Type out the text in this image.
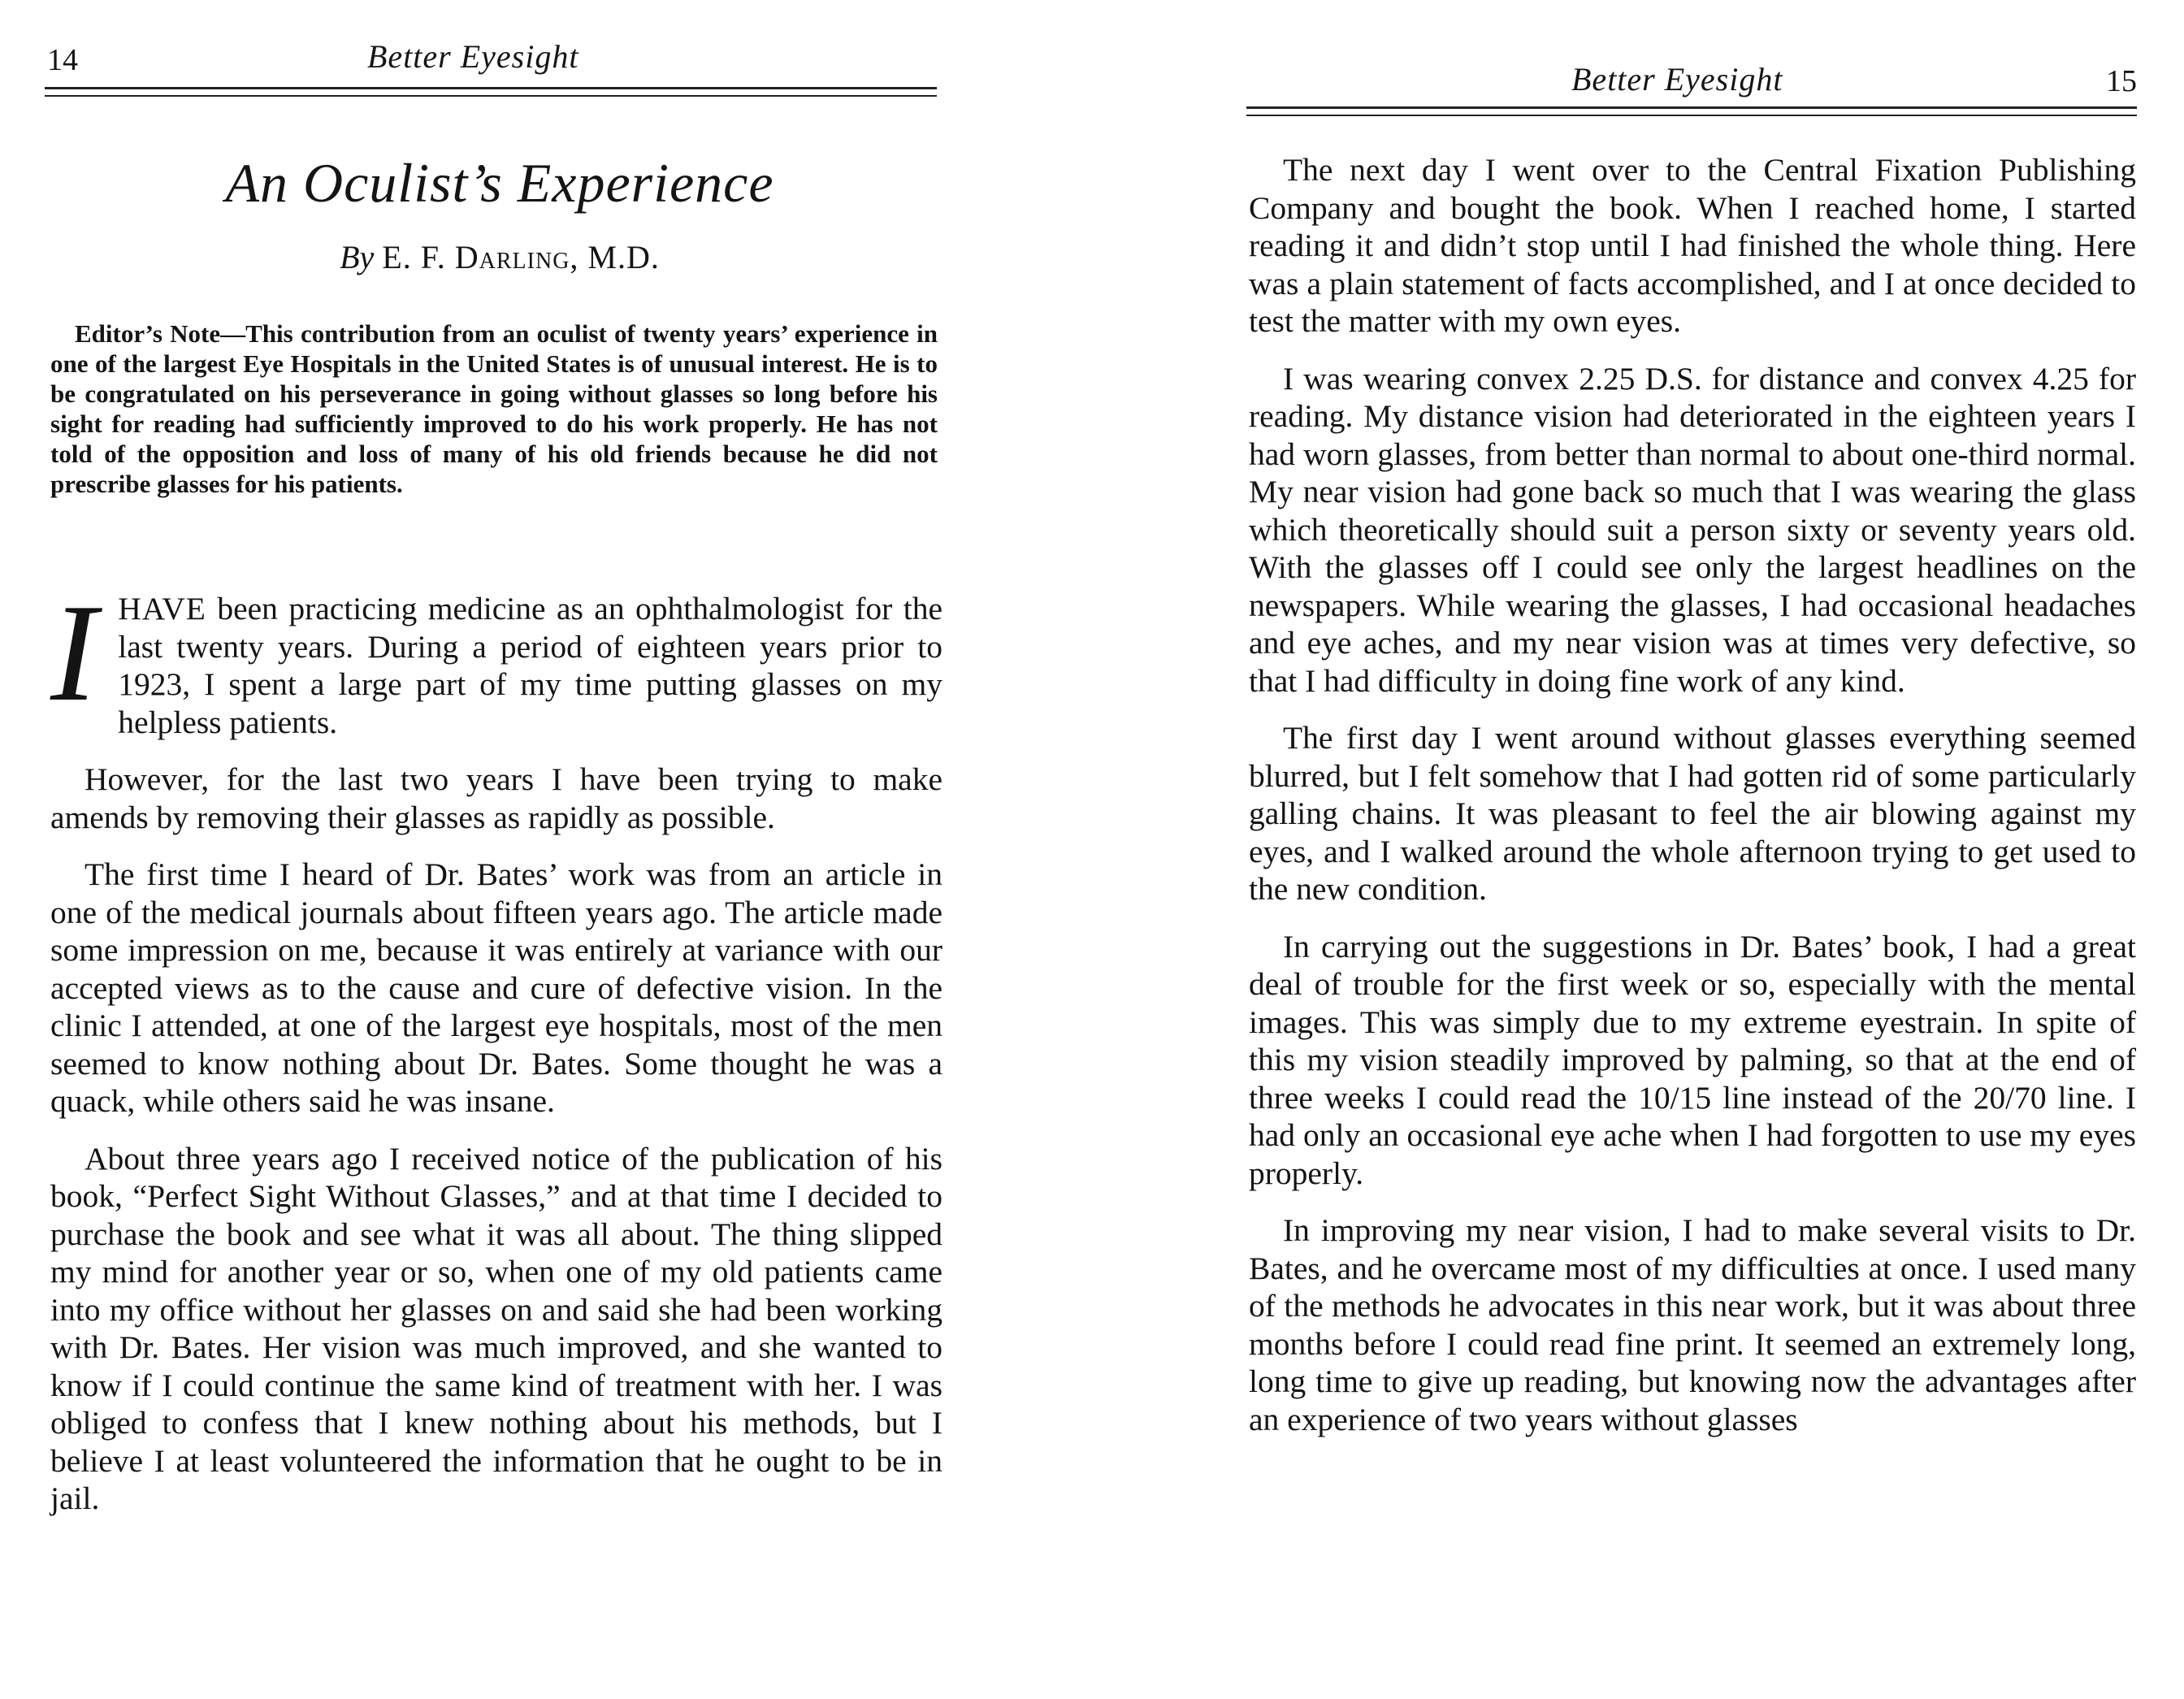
14	Better Eyesight
An Oculist’s Experience
By E. F. Darling, M.D.

Editor’s Note—This contribution from an oculist of twenty years’ experience in one of the largest Eye Hospitals in the United States is of unusual interest. He is to be congratulated on his perseverance in going without glasses so long before his sight for reading had sufficiently improved to do his work properly. He has not told of the opposition and loss of many of his old friends because he did not prescribe glasses for his patients.

IHAVE been practicing medicine as an ophthalmologist for the last twenty years. During a period of eighteen years prior to 1923, I spent a large part of my time putting glasses on my helpless patients.

However, for the last two years I have been trying to make amends by removing their glasses as rapidly as possible.

The first time I heard of Dr. Bates’ work was from an article in one of the medical journals about fifteen years ago. The article made some impression on me, because it was entirely at variance with our accepted views as to the cause and cure of defective vision. In the clinic I attended, at one of the largest eye hospitals, most of the men seemed to know nothing about Dr. Bates. Some thought he was a quack, while others said he was insane.

About three years ago I received notice of the publication of his book, “Perfect Sight Without Glasses,” and at that time I decided to purchase the book and see what it was all about. The thing slipped my mind for another year or so, when one of my old patients came into my office without her glasses on and said she had been working with Dr. Bates. Her vision was much improved, and she wanted to know if I could continue the same kind of treatment with her. I was obliged to confess that I knew nothing about his methods, but I believe I at least volunteered the information that he ought to be in jail.

Better Eyesight	15

The next day I went over to the Central Fixation Publishing Company and bought the book. When I reached home, I started reading it and didn’t stop until I had finished the whole thing. Here was a plain statement of facts accomplished, and I at once decided to test the matter with my own eyes.

I was wearing convex 2.25 D.S. for distance and convex 4.25 for reading. My distance vision had deteriorated in the eighteen years I had worn glasses, from better than normal to about one-third normal. My near vision had gone back so much that I was wearing the glass which theoretically should suit a person sixty or seventy years old. With the glasses off I could see only the largest headlines on the newspapers. While wearing the glasses, I had occasional headaches and eye aches, and my near vision was at times very defective, so that I had difficulty in doing fine work of any kind.

The first day I went around without glasses everything seemed blurred, but I felt somehow that I had gotten rid of some particularly galling chains. It was pleasant to feel the air blowing against my eyes, and I walked around the whole afternoon trying to get used to the new condition.

In carrying out the suggestions in Dr. Bates’ book, I had a great deal of trouble for the first week or so, especially with the mental images. This was simply due to my extreme eyestrain. In spite of this my vision steadily improved by palming, so that at the end of three weeks I could read the 10/15 line instead of the 20/70 line. I had only an occasional eye ache when I had forgotten to use my eyes properly.

In improving my near vision, I had to make several visits to Dr. Bates, and he overcame most of my difficulties at once. I used many of the methods he advocates in this near work, but it was about three months before I could read fine print. It seemed an extremely long, long time to give up reading, but knowing now the advantages after an experience of two years without glasses
